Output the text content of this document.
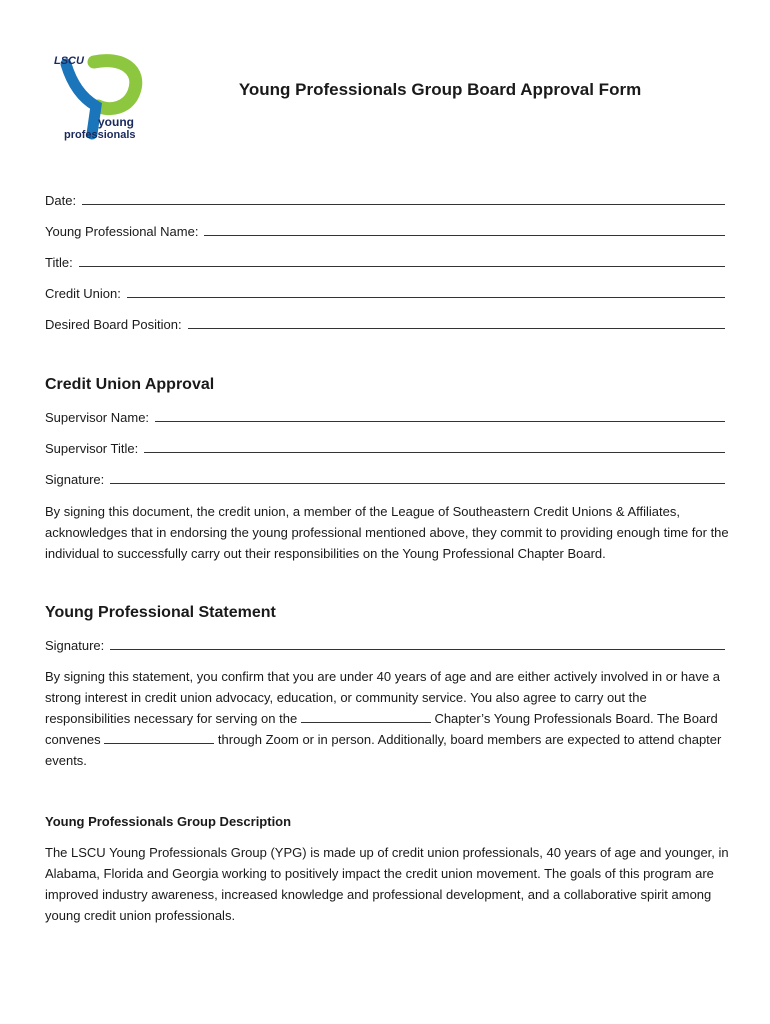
LSCU
young
professionals
Young Professionals Group Board Approval Form
Date:
Young Professional Name:
Title:
Credit Union:
Desired Board Position:
Credit Union Approval
Supervisor Name:
Supervisor Title:
Signature:

By signing this document, the credit union, a member of the League of Southeastern Credit Unions & Affiliates, acknowledges that in endorsing the young professional mentioned above, they commit to providing enough time for the individual to successfully carry out their responsibilities on the Young Professional Chapter Board.

Young Professional Statement
Signature:

By signing this statement, you confirm that you are under 40 years of age and are either actively involved in or have a strong interest in credit union advocacy, education, or community service. You also agree to carry out the responsibilities necessary for serving on the	Chapter’s Young Professionals Board. The Board convenes	through Zoom or in person. Additionally, board members are expected to attend chapter events.

Young Professionals Group Description

The LSCU Young Professionals Group (YPG) is made up of credit union professionals, 40 years of age and younger, in Alabama, Florida and Georgia working to positively impact the credit union movement. The goals of this program are improved industry awareness, increased knowledge and professional development, and a collaborative spirit among young credit union professionals.
